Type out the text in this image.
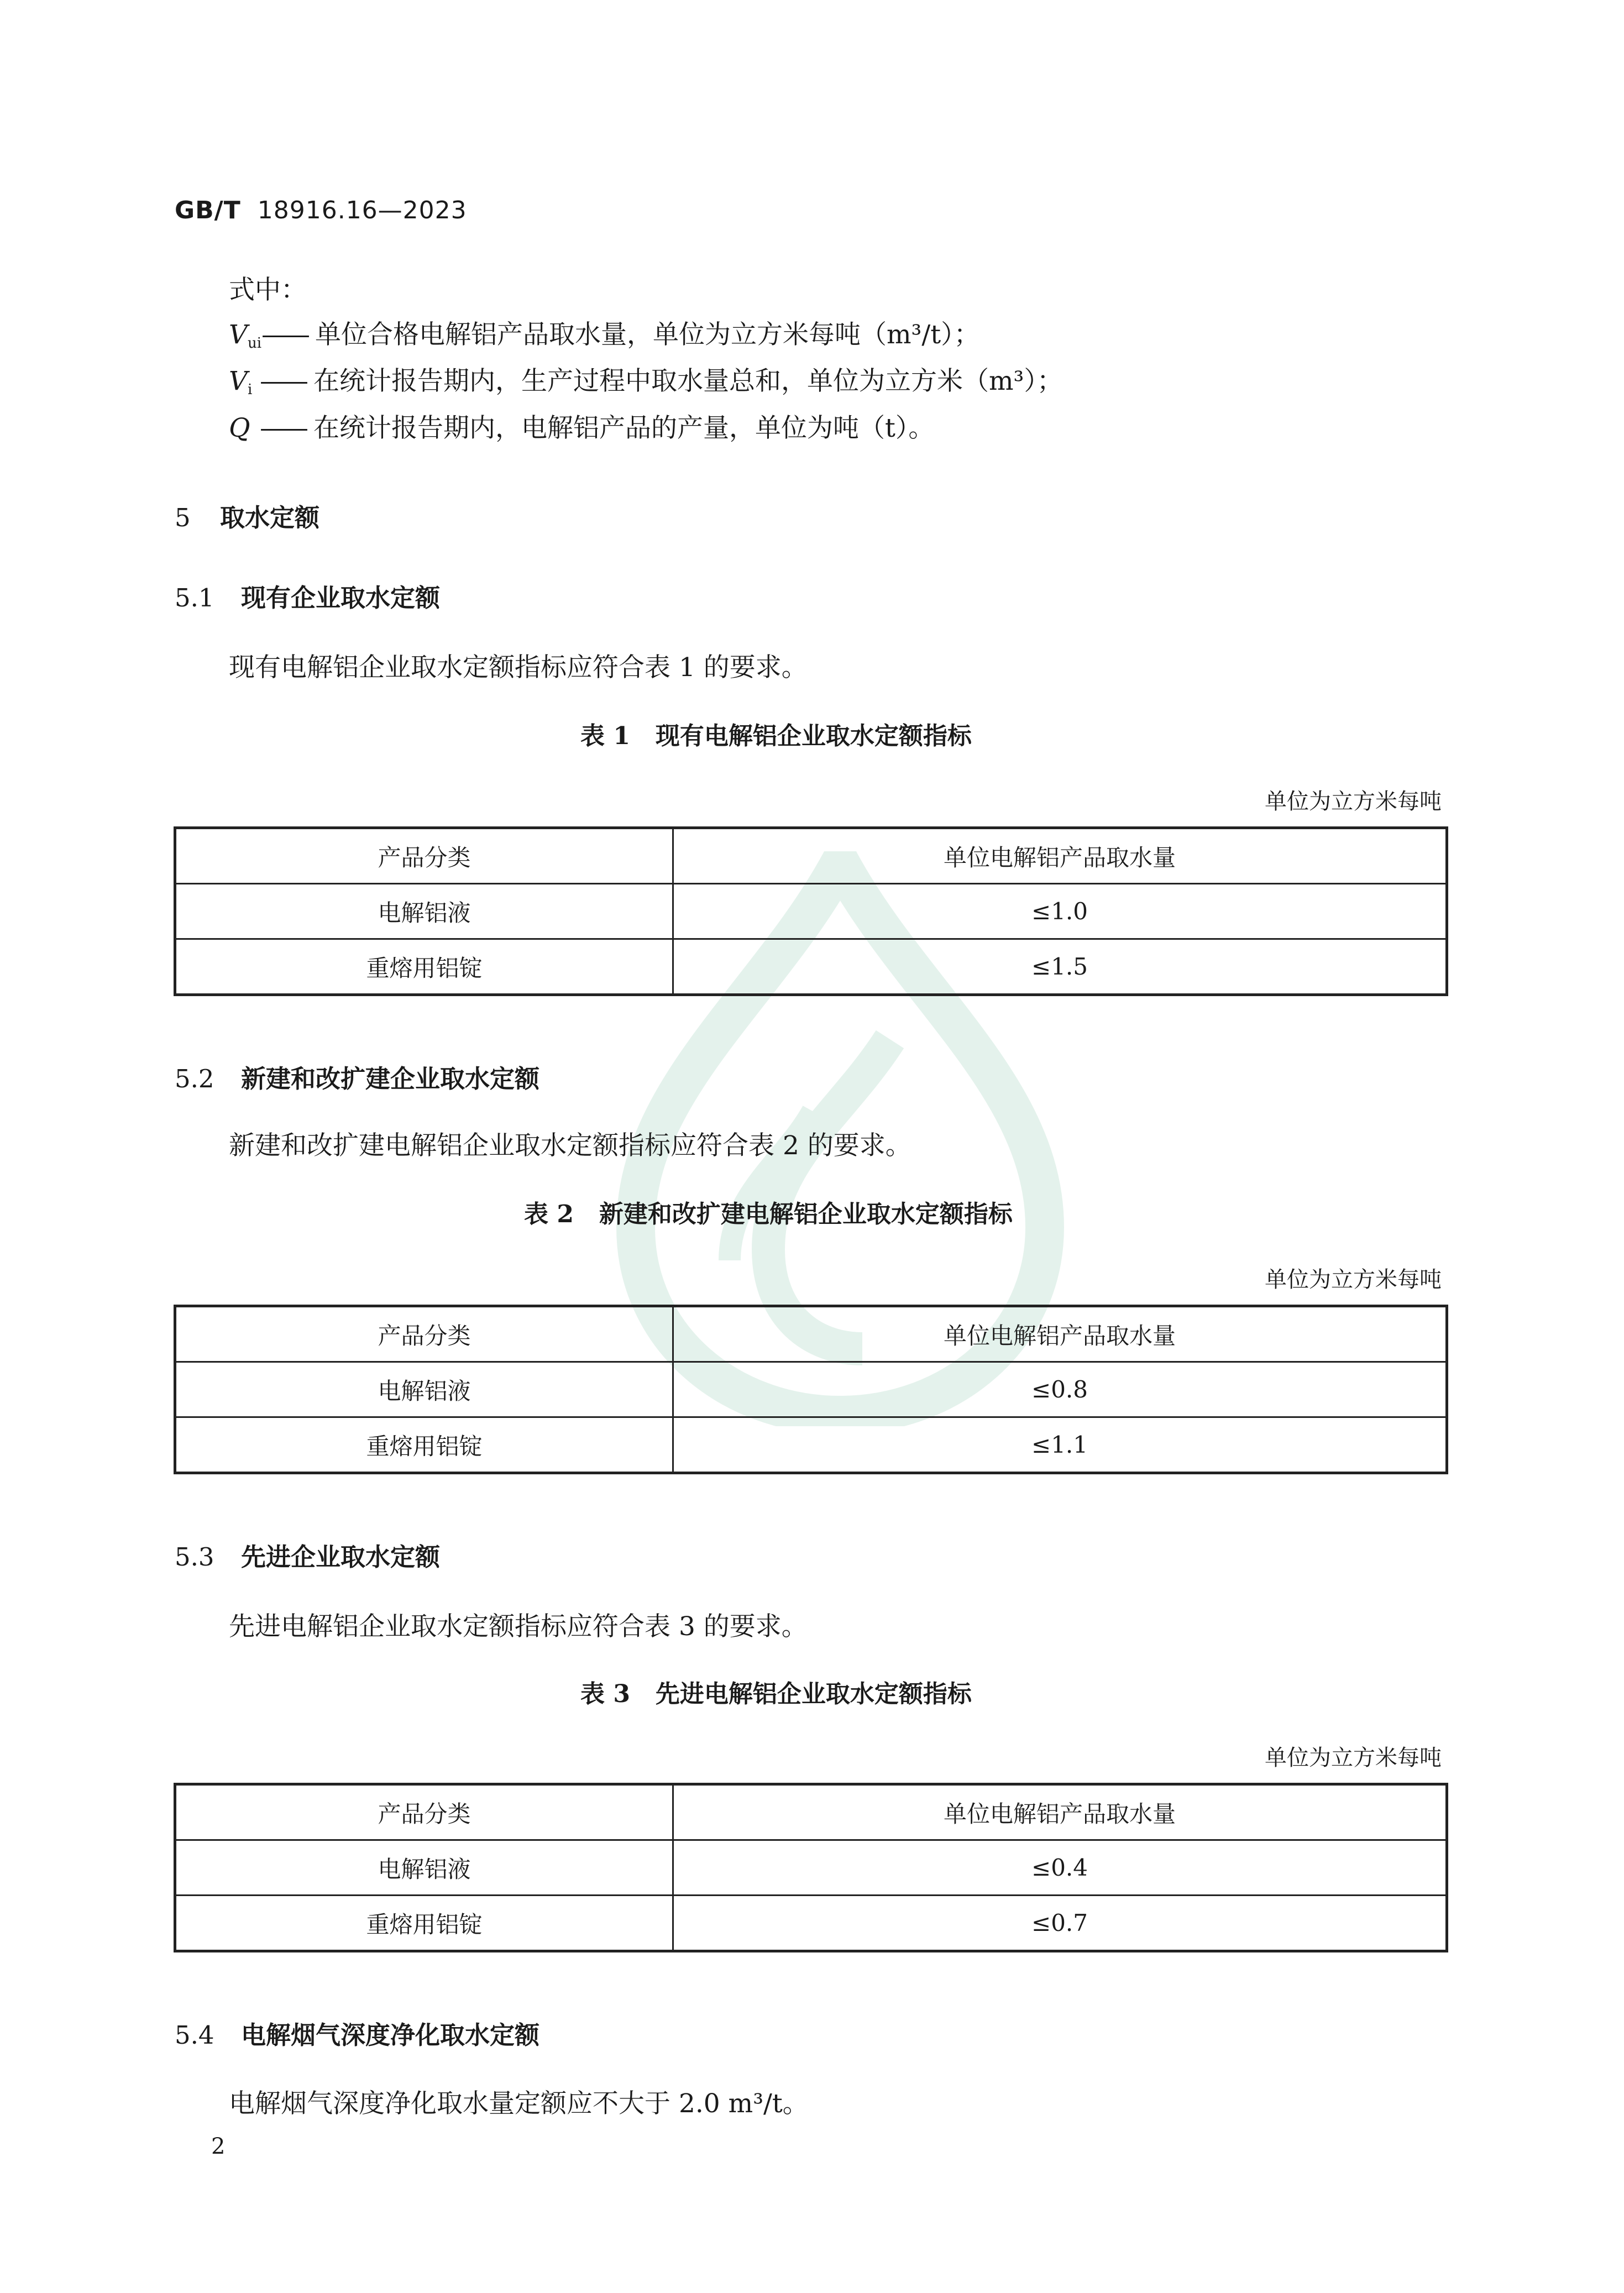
GB/T 18916.16—2023
式中：
$V_{ui}——$ 单位合格电解铝产品取水量，单位为立方米每吨（m³/t）；
$V_i$ —— 在统计报告期内，生产过程中取水量总和，单位为立方米（m³）；
Q —— 在统计报告期内，电解铝产品的产量，单位为吨（t）。
5 取水定额
5.1 现有企业取水定额
现有电解铝企业取水定额指标应符合表 1 的要求。
表 1 现有电解铝企业取水定额指标
单位为立方米每吨
产品分类	单位电解铝产品取水量
电解铝液	≤1.0
重熔用铝锭	≤1.5
5.2 新建和改扩建企业取水定额
新建和改扩建电解铝企业取水定额指标应符合表 2 的要求。
表 2 新建和改扩建电解铝企业取水定额指标
单位为立方米每吨
产品分类	单位电解铝产品取水量
电解铝液	≤0.8
重熔用铝锭	≤1.1
5.3 先进企业取水定额
先进电解铝企业取水定额指标应符合表 3 的要求。
表 3 先进电解铝企业取水定额指标
单位为立方米每吨
产品分类	单位电解铝产品取水量
电解铝液	≤0.4
重熔用铝锭	≤0.7
5.4 电解烟气深度净化取水定额
电解烟气深度净化取水量定额应不大于 2.0 m³/t。
2
